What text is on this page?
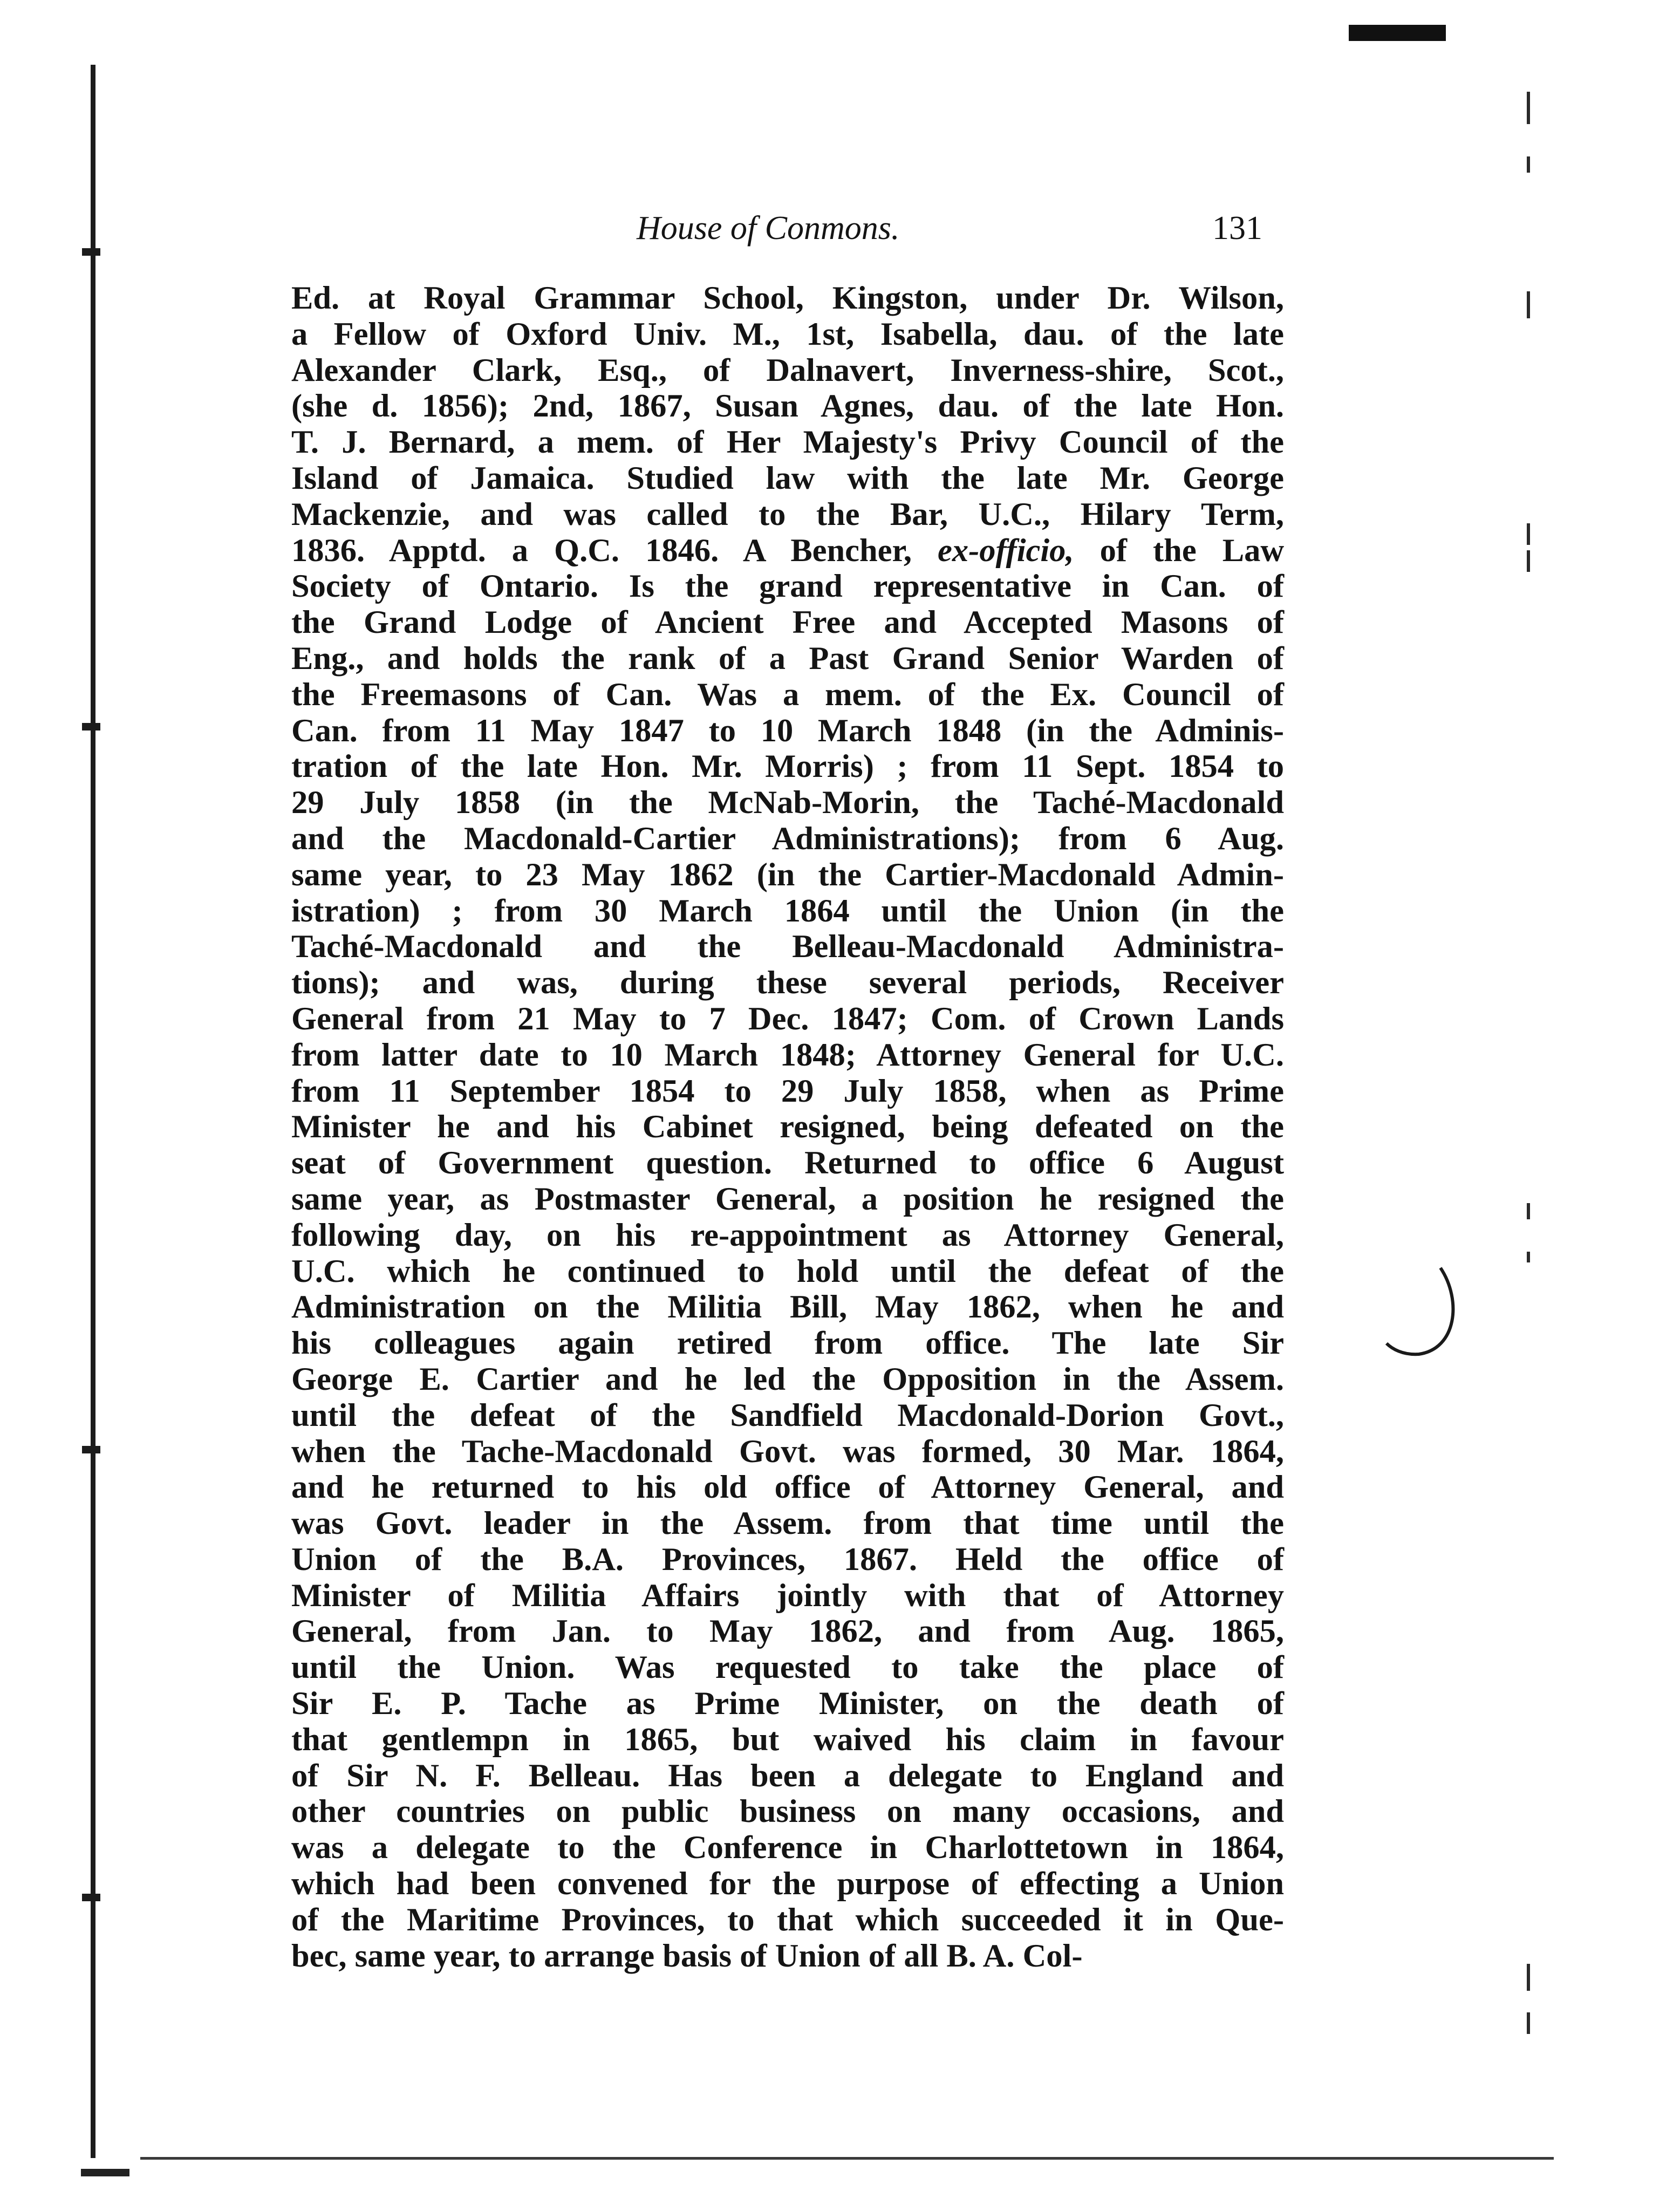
House of Conmons.	131
Ed. at Royal Grammar School, Kingston, under Dr. Wilson,
a Fellow of Oxford Univ. M., 1st, Isabella, dau. of the late
Alexander Clark, Esq., of Dalnavert, Inverness-shire, Scot.,
(she d. 1856); 2nd, 1867, Susan Agnes, dau. of the late Hon.
T. J. Bernard, a mem. of Her Majesty's Privy Council of the
Island of Jamaica. Studied law with the late Mr. George
Mackenzie, and was called to the Bar, U.C., Hilary Term,
1836. Apptd. a Q.C. 1846. A Bencher, ex-officio, of the Law
Society of Ontario. Is the grand representative in Can. of
the Grand Lodge of Ancient Free and Accepted Masons of
Eng., and holds the rank of a Past Grand Senior Warden of
the Freemasons of Can. Was a mem. of the Ex. Council of
Can. from 11 May 1847 to 10 March 1848 (in the Adminis-
tration of the late Hon. Mr. Morris) ; from 11 Sept. 1854 to
29 July 1858 (in the McNab-Morin, the Taché-Macdonald
and the Macdonald-Cartier Administrations); from 6 Aug.
same year, to 23 May 1862 (in the Cartier-Macdonald Admin-
istration) ; from 30 March 1864 until the Union (in the
Taché-Macdonald and the Belleau-Macdonald Administra-
tions); and was, during these several periods, Receiver
General from 21 May to 7 Dec. 1847; Com. of Crown Lands
from latter date to 10 March 1848; Attorney General for U.C.
from 11 September 1854 to 29 July 1858, when as Prime
Minister he and his Cabinet resigned, being defeated on the
seat of Government question. Returned to office 6 August
same year, as Postmaster General, a position he resigned the
following day, on his re-appointment as Attorney General,
U.C. which he continued to hold until the defeat of the
Administration on the Militia Bill, May 1862, when he and
his colleagues again retired from office. The late Sir
George E. Cartier and he led the Opposition in the Assem.
until the defeat of the Sandfield Macdonald-Dorion Govt.,
when the Tache-Macdonald Govt. was formed, 30 Mar. 1864,
and he returned to his old office of Attorney General, and
was Govt. leader in the Assem. from that time until the
Union of the B.A. Provinces, 1867. Held the office of
Minister of Militia Affairs jointly with that of Attorney
General, from Jan. to May 1862, and from Aug. 1865,
until the Union. Was requested to take the place of
Sir E. P. Tache as Prime Minister, on the death of
that gentlempn in 1865, but waived his claim in favour
of Sir N. F. Belleau. Has been a delegate to England and
other countries on public business on many occasions, and
was a delegate to the Conference in Charlottetown in 1864,
which had been convened for the purpose of effecting a Union
of the Maritime Provinces, to that which succeeded it in Que-
bec, same year, to arrange basis of Union of all B. A. Col-
